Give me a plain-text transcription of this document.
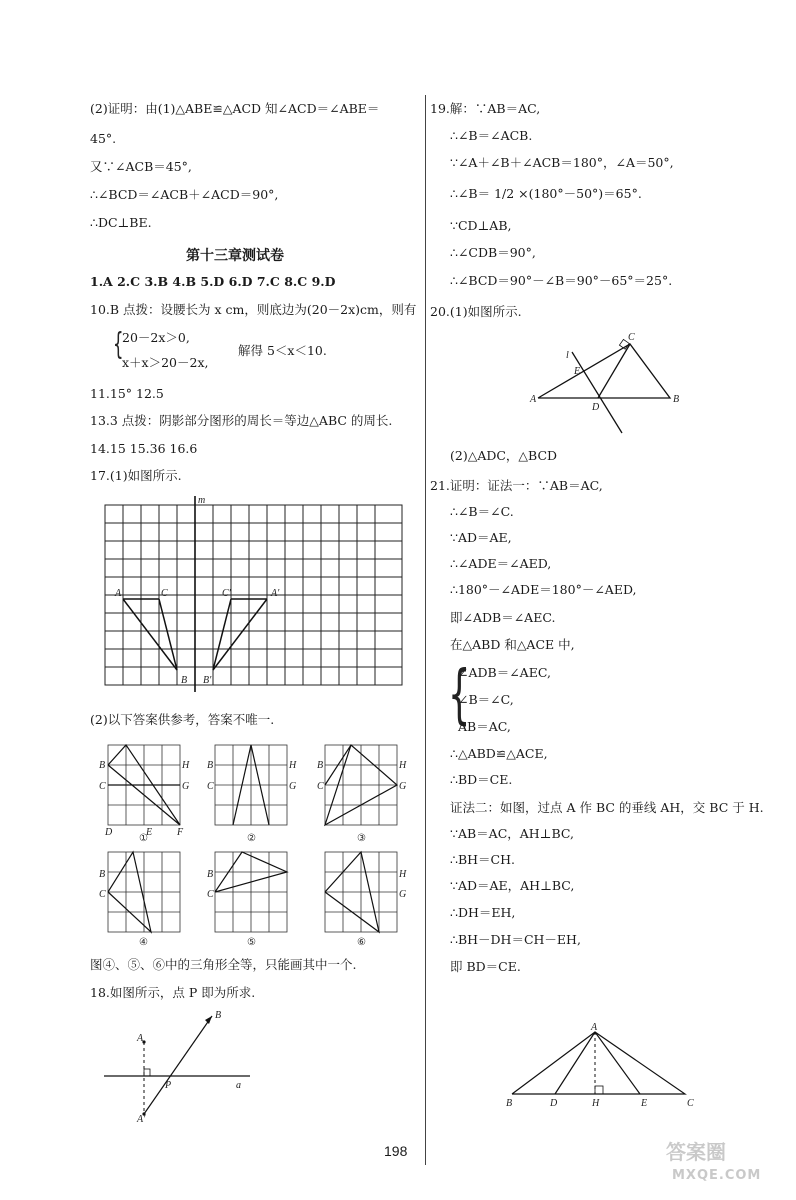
(2)证明：由(1)△ABE≌△ACD 知∠ACD＝∠ABE＝
45°.
又∵∠ACB＝45°,
∴∠BCD＝∠ACB＋∠ACD＝90°,
∴DC⊥BE.
第十三章测试卷
1.A 2.C 3.B 4.B 5.D 6.D 7.C 8.C 9.D
10.B 点拨：设腰长为 x cm，则底边为(20－2x)cm，则有
{
20－2x＞0,
x＋x＞20－2x,
解得 5＜x＜10.
11.15° 12.5
13.3 点拨：阴影部分图形的周长＝等边△ABC 的周长.
14.15 15.36 16.6
17.(1)如图所示.
m
A	C	C′	A′
B B′
(2)以下答案供参考，答案不唯一.
B
C
H
G
D	E F
B
C
H
G
B
C
H
G
B
C
B
C
H
G
①	②	③
④	⑤	⑥
图④、⑤、⑥中的三角形全等，只能画其中一个.
18.如图所示，点 P 即为所求.
A
A′
B
P	a
19.解：∵AB＝AC,
∴∠B＝∠ACB.
∵∠A＋∠B＋∠ACB＝180°，∠A＝50°,
∴∠B＝ 1/2 ×(180°－50°)＝65°.
∵CD⊥AB,
∴∠CDB＝90°,
∴∠BCD＝90°－∠B＝90°－65°＝25°.
20.(1)如图所示.
A	B
C
D
E
l
(2)△ADC，△BCD
21.证明：证法一：∵AB＝AC,
∴∠B＝∠C.
∵AD＝AE,
∴∠ADE＝∠AED,
∴180°－∠ADE＝180°－∠AED,
即∠ADB＝∠AEC.
在△ABD 和△ACE 中,
{
∠ADB＝∠AEC,
∠B＝∠C,
AB＝AC,
∴△ABD≌△ACE,
∴BD＝CE.
证法二：如图，过点 A 作 BC 的垂线 AH，交 BC 于 H.
∵AB＝AC，AH⊥BC,
∴BH＝CH.
∵AD＝AE，AH⊥BC,
∴DH＝EH,
∴BH－DH＝CH－EH,
即 BD＝CE.
A
B	D	H	E	C
198	答案圈
MXQE.COM
